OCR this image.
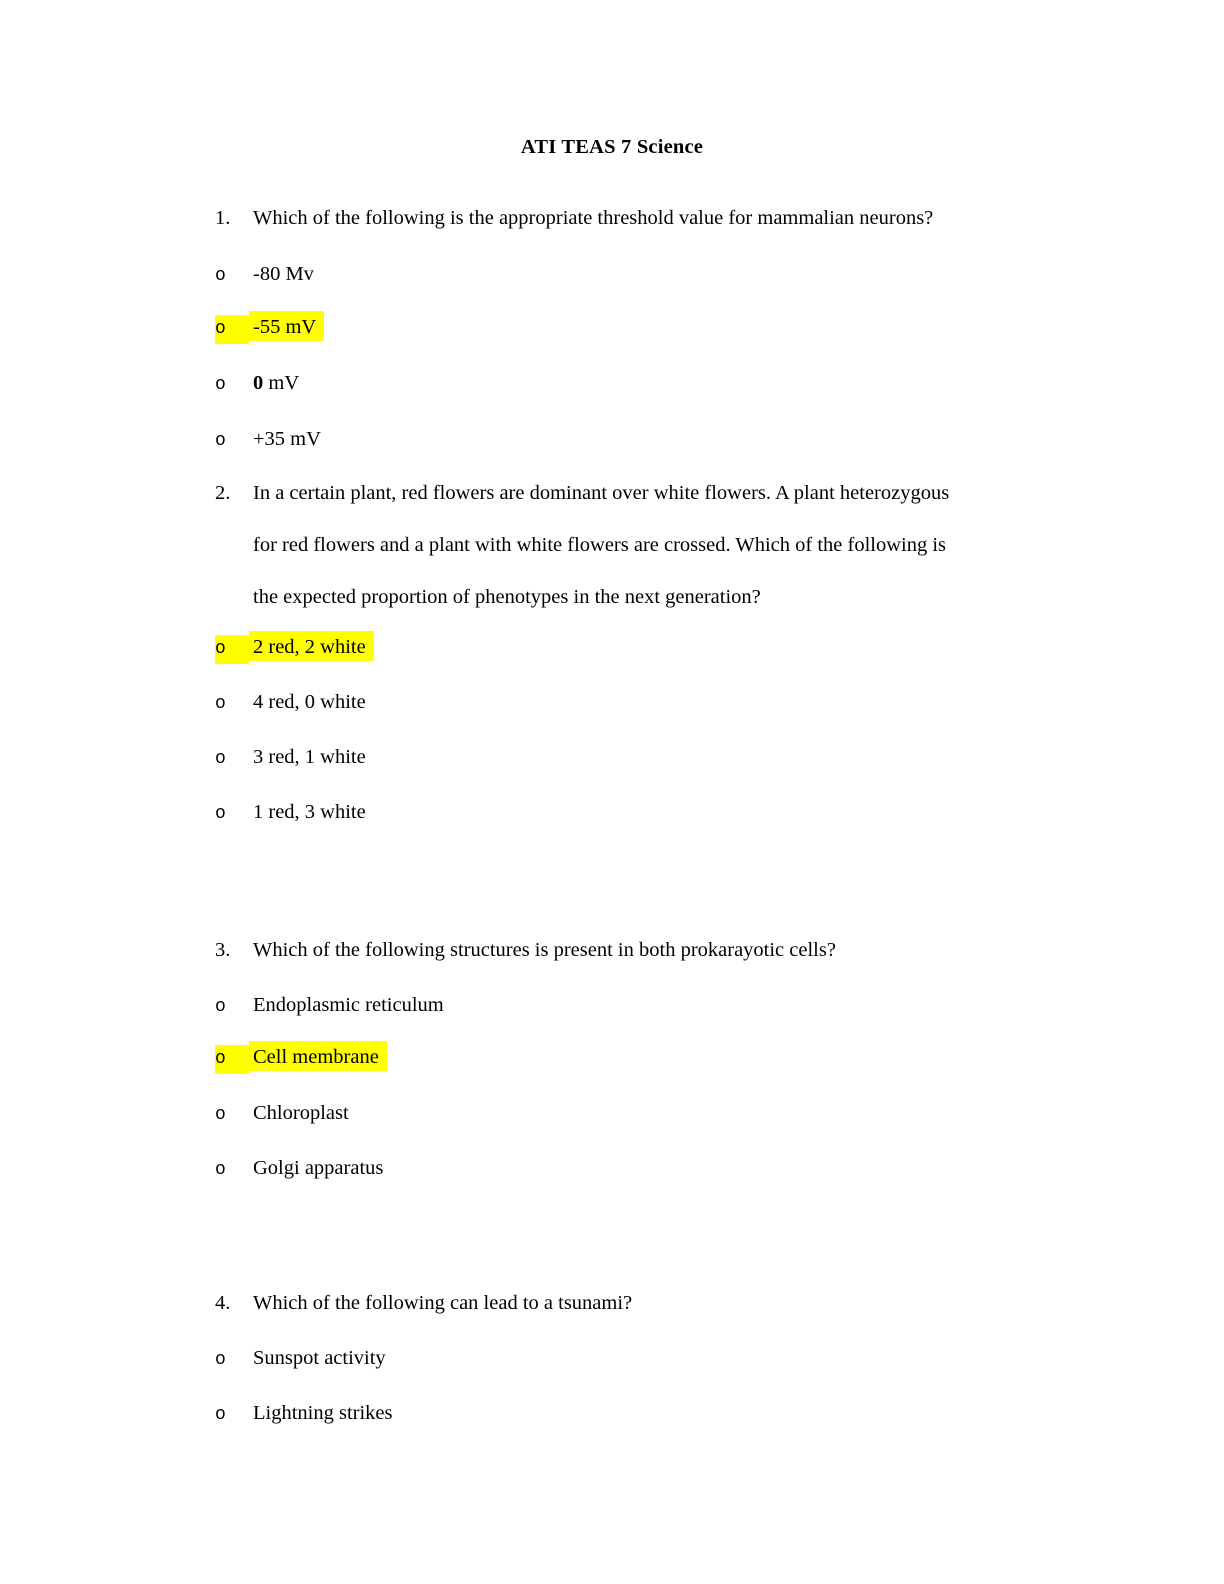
ATI TEAS 7 Science
1. Which of the following is the appropriate threshold value for mammalian neurons?
o -80 Mv
o -55 mV
o 0 mV
o +35 mV
2. In a certain plant, red flowers are dominant over white flowers. A plant heterozygous
for red flowers and a plant with white flowers are crossed. Which of the following is
the expected proportion of phenotypes in the next generation?
o 2 red, 2 white
o 4 red, 0 white
o 3 red, 1 white
o 1 red, 3 white
3. Which of the following structures is present in both prokarayotic cells?
o Endoplasmic reticulum
o Cell membrane
o Chloroplast
o Golgi apparatus
4. Which of the following can lead to a tsunami?
o Sunspot activity
o Lightning strikes
